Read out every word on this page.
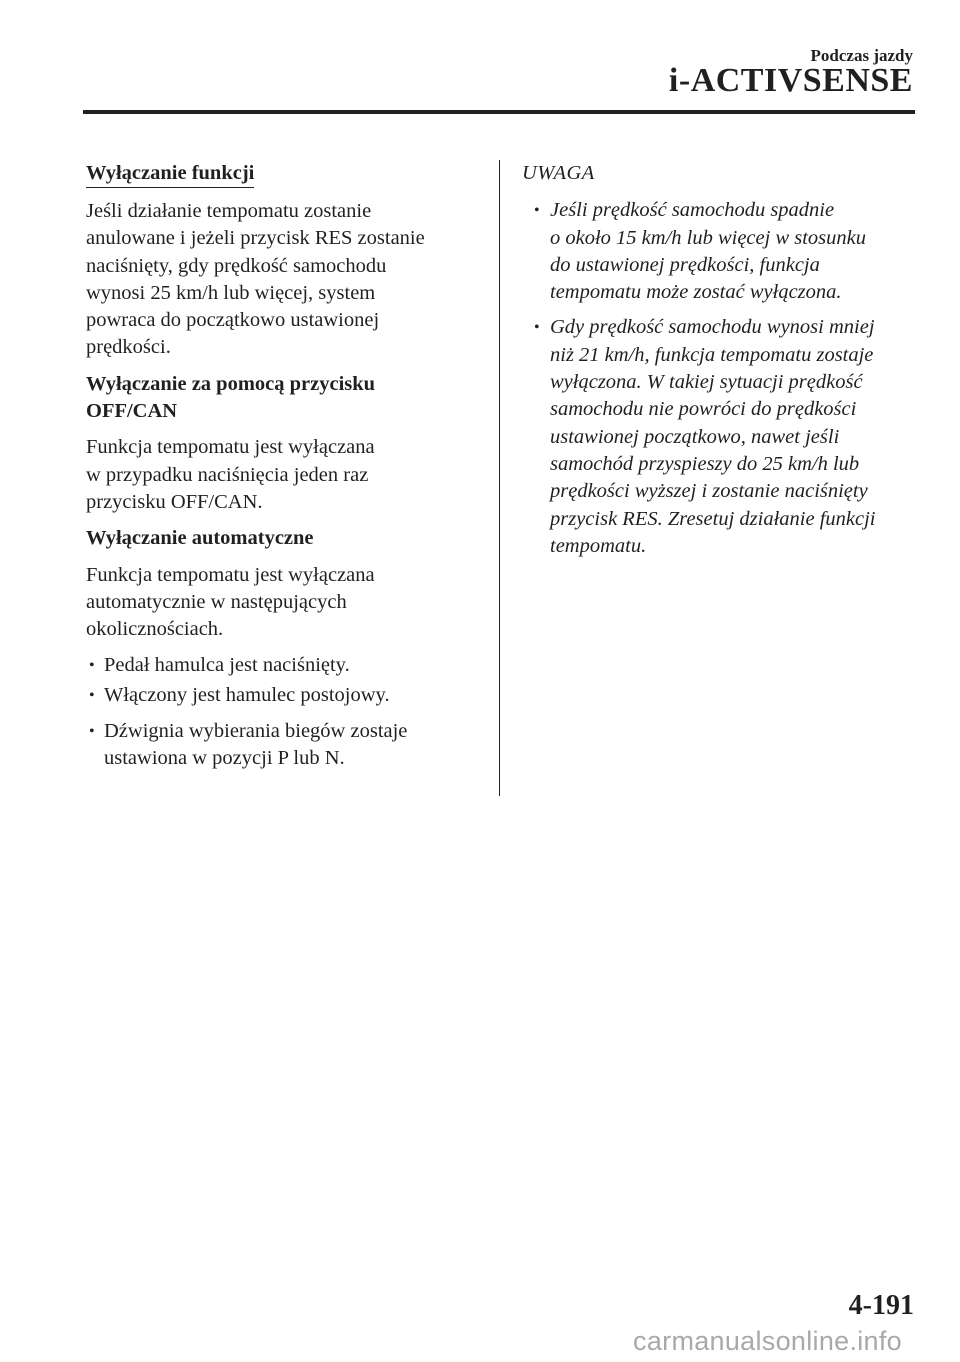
Podczas jazdy
i-ACTIVSENSE
Wyłączanie funkcji

Jeśli działanie tempomatu zostanie
anulowane i jeżeli przycisk RES zostanie
naciśnięty, gdy prędkość samochodu
wynosi 25 km/h lub więcej, system
powraca do początkowo ustawionej
prędkości.

Wyłączanie za pomocą przycisku
OFF/CAN

Funkcja tempomatu jest wyłączana
w przypadku naciśnięcia jeden raz
przycisku OFF/CAN.

Wyłączanie automatyczne

Funkcja tempomatu jest wyłączana
automatycznie w następujących
okolicznościach.

• Pedał hamulca jest naciśnięty.
• Włączony jest hamulec postojowy.
• Dźwignia wybierania biegów zostaje
ustawiona w pozycji P lub N.
UWAGA
• Jeśli prędkość samochodu spadnie
o około 15 km/h lub więcej w stosunku
do ustawionej prędkości, funkcja
tempomatu może zostać wyłączona.
• Gdy prędkość samochodu wynosi mniej
niż 21 km/h, funkcja tempomatu zostaje
wyłączona. W takiej sytuacji prędkość
samochodu nie powróci do prędkości
ustawionej początkowo, nawet jeśli
samochód przyspieszy do 25 km/h lub
prędkości wyższej i zostanie naciśnięty
przycisk RES. Zresetuj działanie funkcji
tempomatu.
4-191
carmanualsonline.info
